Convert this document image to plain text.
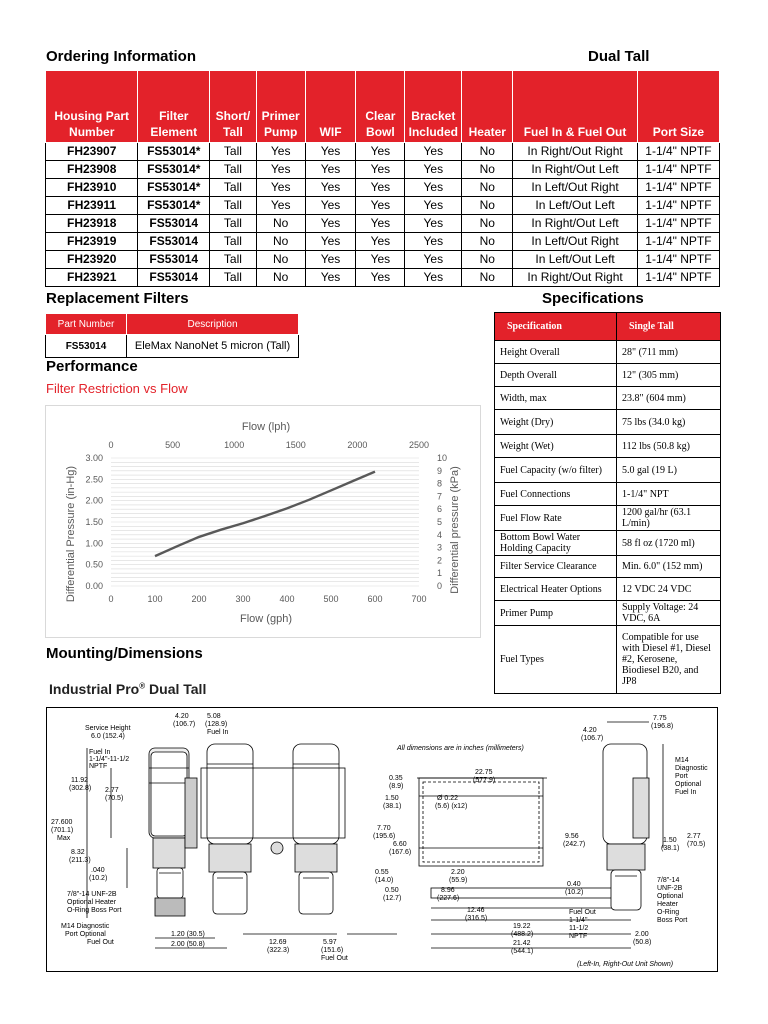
Ordering Information	Dual Tall
Housing Part Number	Filter Element	Short/ Tall	Primer Pump	WIF	Clear Bowl	Bracket Included	Heater	Fuel In & Fuel Out	Port Size
FH23907	FS53014*	Tall	Yes	Yes	Yes	Yes	No	In Right/Out Right	1-1/4" NPTF
FH23908	FS53014*	Tall	Yes	Yes	Yes	Yes	No	In Right/Out Left	1-1/4" NPTF
FH23910	FS53014*	Tall	Yes	Yes	Yes	Yes	No	In Left/Out Right	1-1/4" NPTF
FH23911	FS53014*	Tall	Yes	Yes	Yes	Yes	No	In Left/Out Left	1-1/4" NPTF
FH23918	FS53014	Tall	No	Yes	Yes	Yes	No	In Right/Out Left	1-1/4" NPTF
FH23919	FS53014	Tall	No	Yes	Yes	Yes	No	In Left/Out Right	1-1/4" NPTF
FH23920	FS53014	Tall	No	Yes	Yes	Yes	No	In Left/Out Left	1-1/4" NPTF
FH23921	FS53014	Tall	No	Yes	Yes	Yes	No	In Right/Out Right	1-1/4" NPTF
Replacement Filters
Part Number	Description
FS53014	EleMax NanoNet 5 micron (Tall)
Specifications
Specification	Single Tall
Height Overall	28" (711 mm)
Depth Overall	12" (305 mm)
Width, max	23.8" (604 mm)
Weight (Dry)	75 lbs (34.0 kg)
Weight (Wet)	112 lbs (50.8 kg)
Fuel Capacity (w/o filter)	5.0 gal (19 L)
Fuel Connections	1-1/4" NPT
Fuel Flow Rate	1200 gal/hr (63.1 L/min)
Bottom Bowl Water Holding Capacity	58 fl oz (1720 ml)
Filter Service Clearance	Min. 6.0" (152 mm)
Electrical Heater Options	12 VDC 24 VDC
Primer Pump	Supply Voltage: 24 VDC, 6A
Fuel Types	Compatible for use with Diesel #1, Diesel #2, Kerosene, Biodiesel B20, and JP8
Performance
Filter Restriction vs Flow
Flow (lph)
Flow (gph)
Differential Pressure (in-Hg)	Differential pressure (kPa)
0.00
0.50
1.00
1.50
2.00
2.50
3.00
0	100	200	300	400	500	600	700
0	500	1000	1500	2000	2500
0
1
2
3
4
5
6
7
8
9
10
Mounting/Dimensions
Industrial Pro® Dual Tall
4.20
(106.7)
5.08
(128.9)
Fuel In
Service Height
6.0 (152.4)
Fuel In
1-1/4"-11-1/2
NPTF
11.92
(302.8) 2.77
(70.5)
27.600
(701.1)
Max
8.32
(211.3)
.040
(10.2)
7/8"-14 UNF-2B
Optional Heater
O-Ring Boss Port
M14 Diagnostic
Port Optional
Fuel Out
1.20 (30.5)
2.00 (50.8)	12.69
(322.3)
5.97
(151.6)
Fuel Out
All dimensions are in inches (millimeters)
22.75
(577.9)
0.35
(8.9)
Ø 0.22
(5.6) (x12)
1.50
(38.1)
7.70
(195.6)
6.60
(167.6)
0.55
(14.0)
0.50
(12.7)
2.20
(55.9)
8.96
(227.6)
12.46
(316.5)
19.22
(488.2)
21.42
(544.1)
4.20
(106.7)
7.75
(196.8)
M14
Diagnostic
Port
Optional
Fuel In
9.56
(242.7)
1.50
(38.1)
2.77
(70.5)
0.40
(10.2)
7/8"-14
UNF-2B
Optional
Heater
O-Ring
Boss Port
Fuel Out
1-1/4"-
11-1/2
NPTF	2.00
(50.8)
(Left-In, Right-Out Unit Shown)
